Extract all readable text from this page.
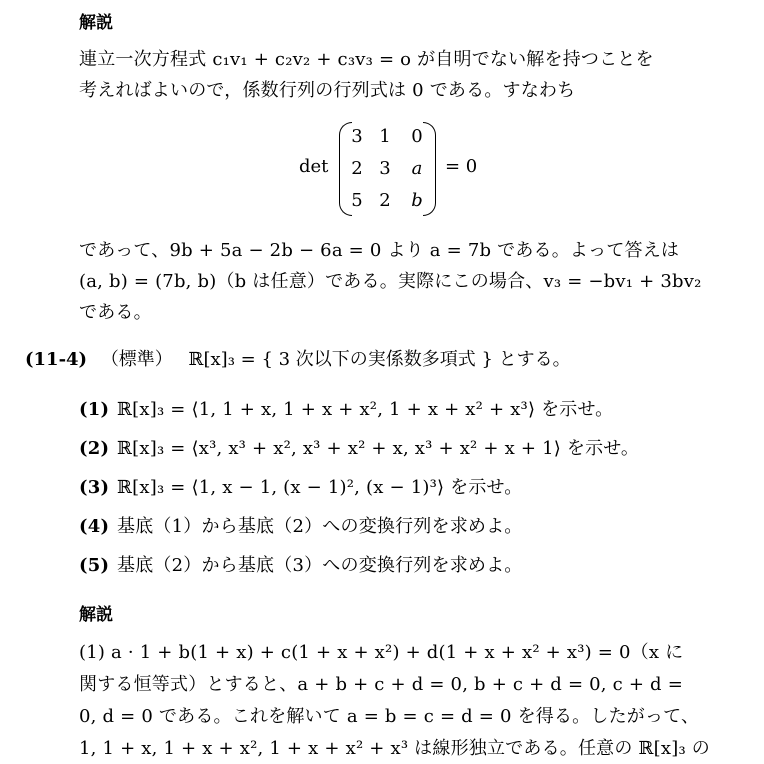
解説
連立一次方程式 c₁v₁ + c₂v₂ + c₃v₃ = o が自明でない解を持つことを
考えればよいので，係数行列の行列式は 0 である。すなわち
det
3 1 0
2 3 a
5 2 b
= 0
であって、9b + 5a − 2b − 6a = 0 より a = 7b である。よって答えは
(a, b) = (7b, b)（b は任意）である。実際にこの場合、v₃ = −bv₁ + 3bv₂
である。
(11-4) （標準） ℝ[x]₃ = { 3 次以下の実係数多項式 } とする。
(1) ℝ[x]₃ = ⟨1, 1 + x, 1 + x + x², 1 + x + x² + x³⟩ を示せ。
(2) ℝ[x]₃ = ⟨x³, x³ + x², x³ + x² + x, x³ + x² + x + 1⟩ を示せ。
(3) ℝ[x]₃ = ⟨1, x − 1, (x − 1)², (x − 1)³⟩ を示せ。
(4) 基底（1）から基底（2）への変換行列を求めよ。
(5) 基底（2）から基底（3）への変換行列を求めよ。
解説
(1) a · 1 + b(1 + x) + c(1 + x + x²) + d(1 + x + x² + x³) = 0（x に
関する恒等式）とすると、a + b + c + d = 0, b + c + d = 0, c + d =
0, d = 0 である。これを解いて a = b = c = d = 0 を得る。したがって、
1, 1 + x, 1 + x + x², 1 + x + x² + x³ は線形独立である。任意の ℝ[x]₃ の
